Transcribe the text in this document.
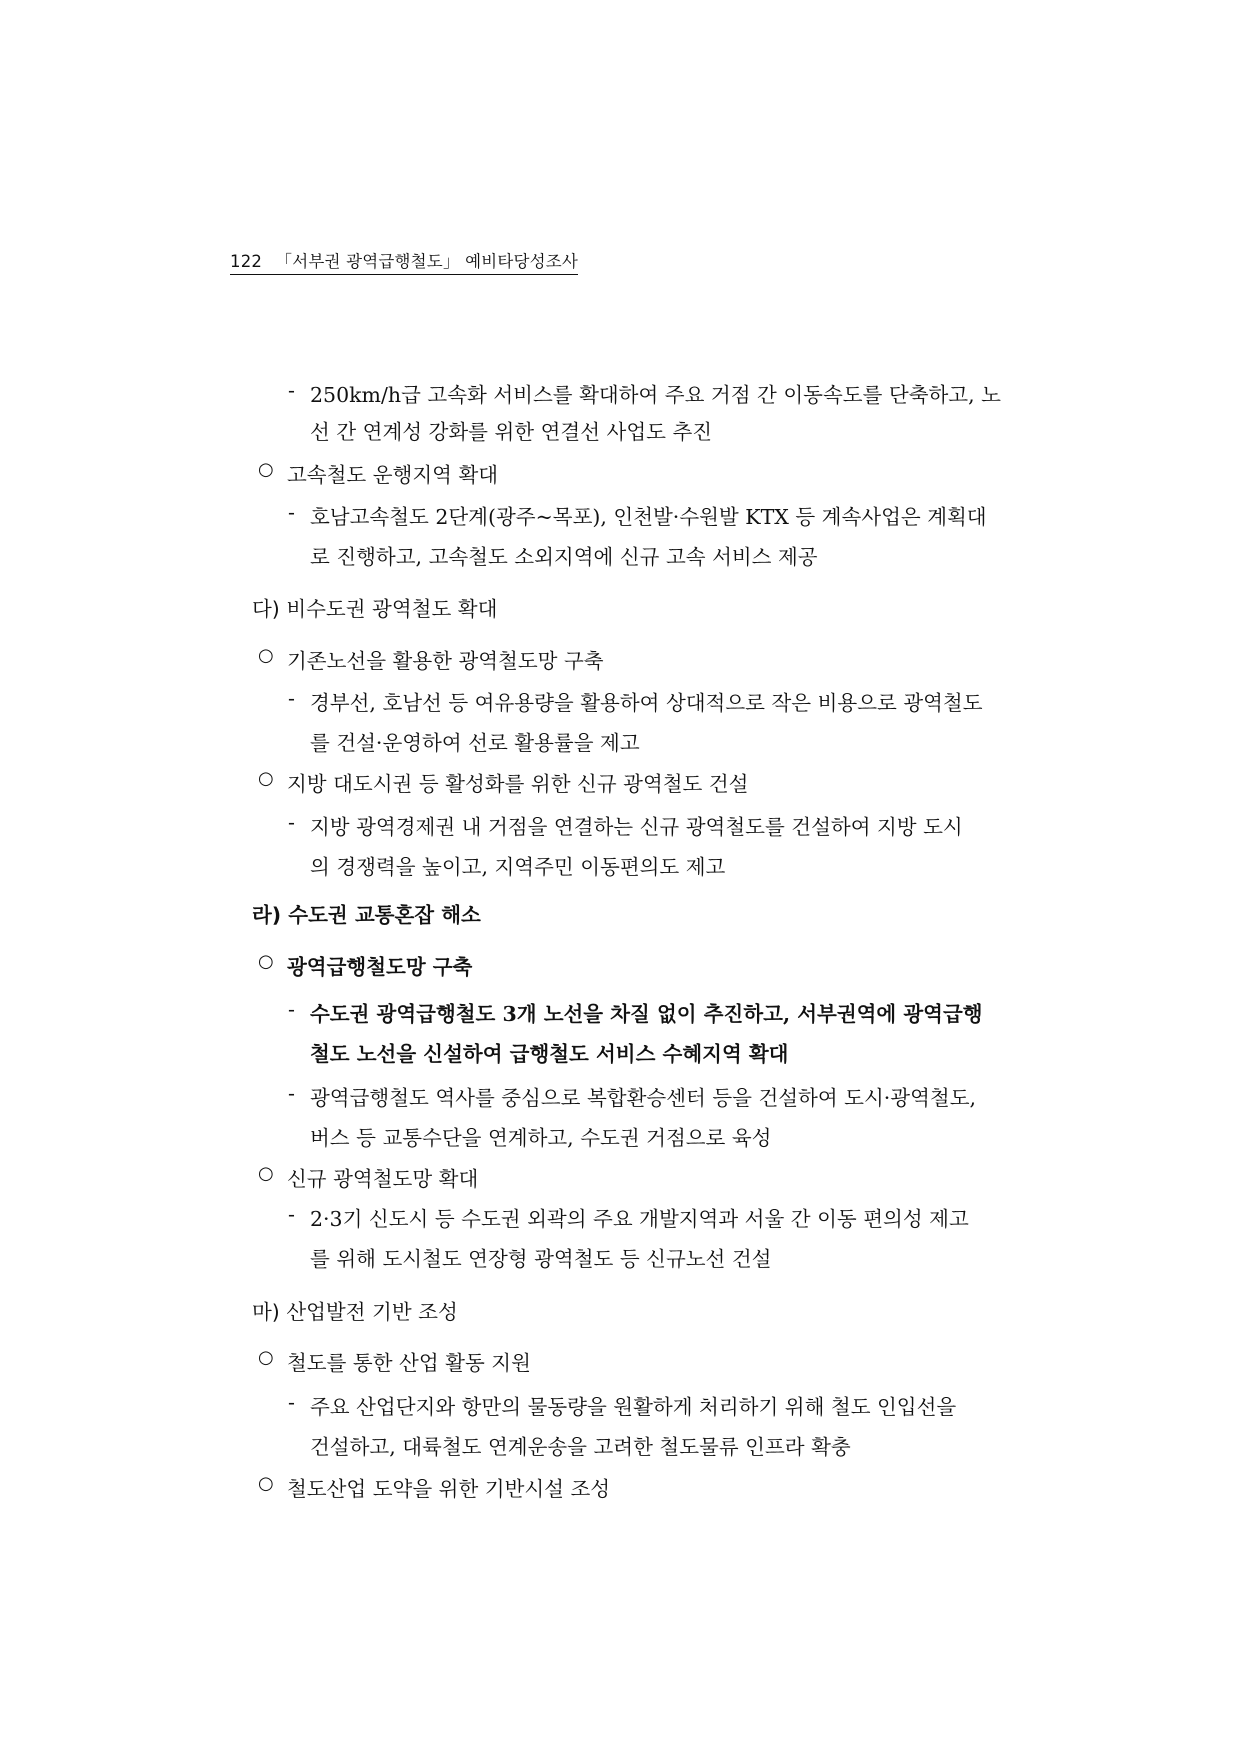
122 「서부권 광역급행철도」 예비타당성조사
- 250km/h급 고속화 서비스를 확대하여 주요 거점 간 이동속도를 단축하고, 노
선 간 연계성 강화를 위한 연결선 사업도 추진
○ 고속철도 운행지역 확대
- 호남고속철도 2단계(광주~목포), 인천발·수원발 KTX 등 계속사업은 계획대
로 진행하고, 고속철도 소외지역에 신규 고속 서비스 제공
다) 비수도권 광역철도 확대
○ 기존노선을 활용한 광역철도망 구축
- 경부선, 호남선 등 여유용량을 활용하여 상대적으로 작은 비용으로 광역철도
를 건설·운영하여 선로 활용률을 제고
○ 지방 대도시권 등 활성화를 위한 신규 광역철도 건설
- 지방 광역경제권 내 거점을 연결하는 신규 광역철도를 건설하여 지방 도시
의 경쟁력을 높이고, 지역주민 이동편의도 제고
라) 수도권 교통혼잡 해소
○ 광역급행철도망 구축
- 수도권 광역급행철도 3개 노선을 차질 없이 추진하고, 서부권역에 광역급행
철도 노선을 신설하여 급행철도 서비스 수혜지역 확대
- 광역급행철도 역사를 중심으로 복합환승센터 등을 건설하여 도시·광역철도,
버스 등 교통수단을 연계하고, 수도권 거점으로 육성
○ 신규 광역철도망 확대
- 2·3기 신도시 등 수도권 외곽의 주요 개발지역과 서울 간 이동 편의성 제고
를 위해 도시철도 연장형 광역철도 등 신규노선 건설
마) 산업발전 기반 조성
○ 철도를 통한 산업 활동 지원
- 주요 산업단지와 항만의 물동량을 원활하게 처리하기 위해 철도 인입선을
건설하고, 대륙철도 연계운송을 고려한 철도물류 인프라 확충
○ 철도산업 도약을 위한 기반시설 조성
